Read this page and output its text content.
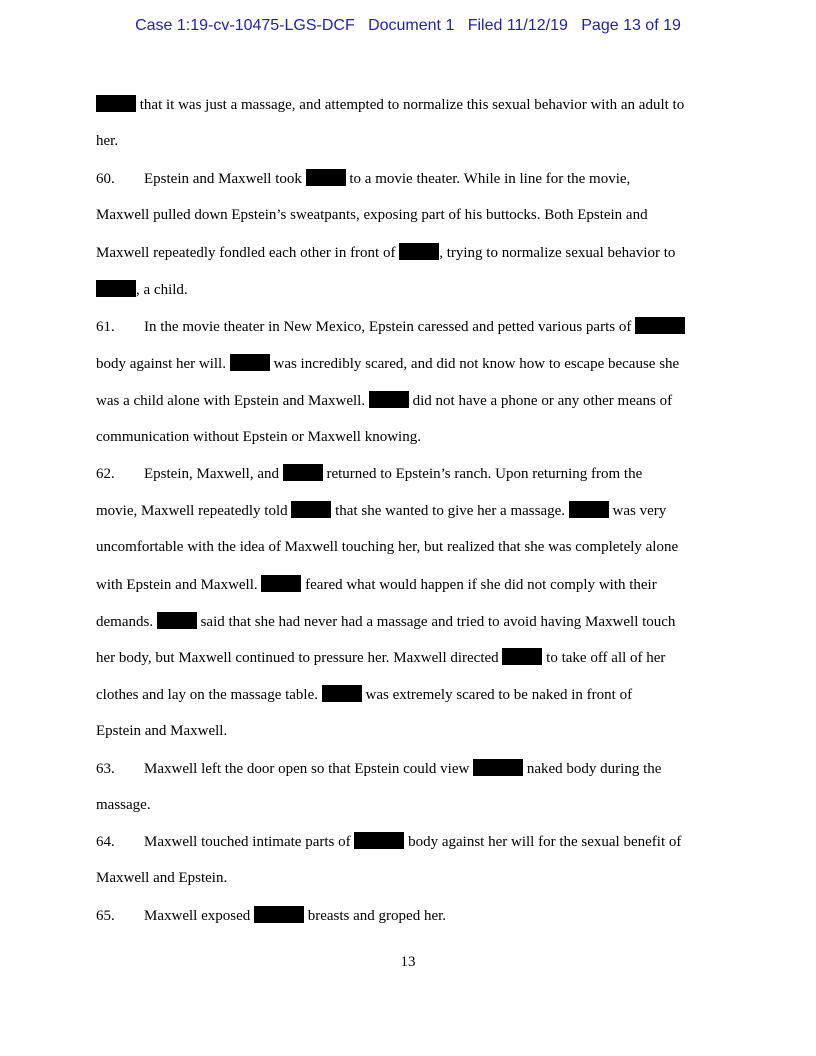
Case 1:19-cv-10475-LGS-DCF Document 1 Filed 11/12/19 Page 13 of 19
that it was just a massage, and attempted to normalize this sexual behavior with an adult to
her.
60. Epstein and Maxwell took	to a movie theater. While in line for the movie,
Maxwell pulled down Epstein’s sweatpants, exposing part of his buttocks. Both Epstein and
Maxwell repeatedly fondled each other in front of	, trying to normalize sexual behavior to
, a child.
61. In the movie theater in New Mexico, Epstein caressed and petted various parts of
body against her will.	was incredibly scared, and did not know how to escape because she
was a child alone with Epstein and Maxwell.	did not have a phone or any other means of
communication without Epstein or Maxwell knowing.
62. Epstein, Maxwell, and	returned to Epstein’s ranch. Upon returning from the
movie, Maxwell repeatedly told	that she wanted to give her a massage.	was very
uncomfortable with the idea of Maxwell touching her, but realized that she was completely alone
with Epstein and Maxwell.	feared what would happen if she did not comply with their
demands.	said that she had never had a massage and tried to avoid having Maxwell touch
her body, but Maxwell continued to pressure her. Maxwell directed	to take off all of her
clothes and lay on the massage table.	was extremely scared to be naked in front of
Epstein and Maxwell.
63. Maxwell left the door open so that Epstein could view	naked body during the
massage.
64. Maxwell touched intimate parts of	body against her will for the sexual benefit of
Maxwell and Epstein.
65. Maxwell exposed	breasts and groped her.
13
